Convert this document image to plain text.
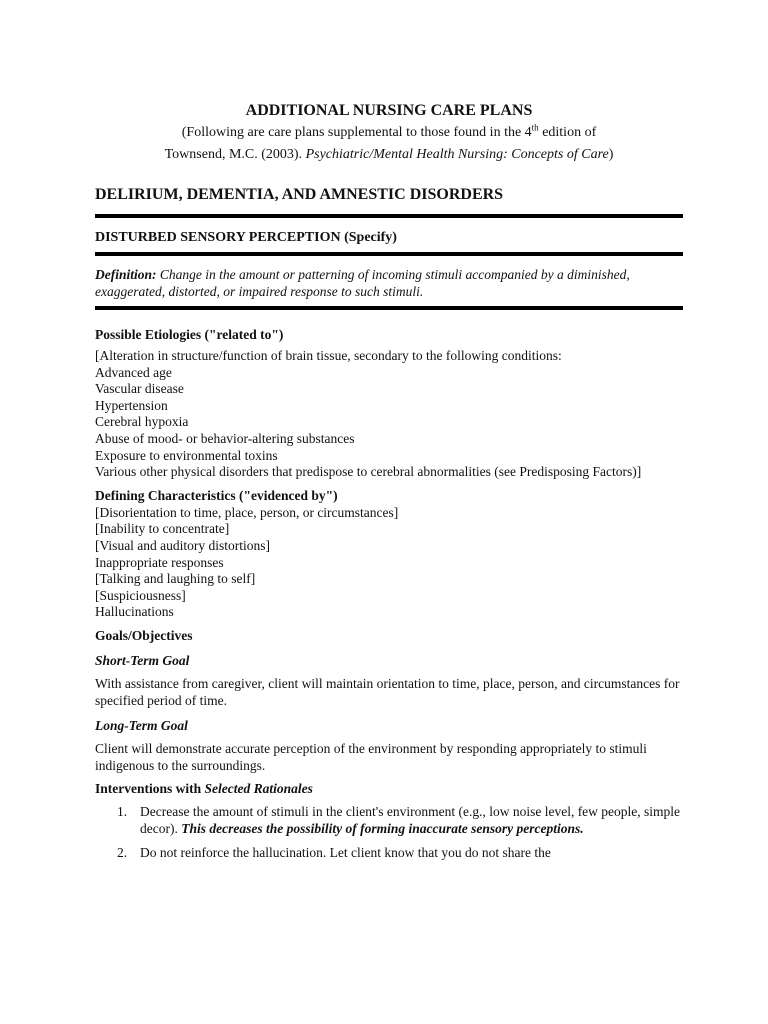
ADDITIONAL NURSING CARE PLANS
(Following are care plans supplemental to those found in the 4th edition of
Townsend, M.C. (2003). Psychiatric/Mental Health Nursing: Concepts of Care)
DELIRIUM, DEMENTIA, AND AMNESTIC DISORDERS
DISTURBED SENSORY PERCEPTION (Specify)
Definition: Change in the amount or patterning of incoming stimuli accompanied by a diminished, exaggerated, distorted, or impaired response to such stimuli.
Possible Etiologies ("related to")
[Alteration in structure/function of brain tissue, secondary to the following conditions:
Advanced age
Vascular disease
Hypertension
Cerebral hypoxia
Abuse of mood- or behavior-altering substances
Exposure to environmental toxins
Various other physical disorders that predispose to cerebral abnormalities (see Predisposing Factors)]
Defining Characteristics ("evidenced by")
[Disorientation to time, place, person, or circumstances]
[Inability to concentrate]
[Visual and auditory distortions]
Inappropriate responses
[Talking and laughing to self]
[Suspiciousness]
Hallucinations
Goals/Objectives
Short-Term Goal
With assistance from caregiver, client will maintain orientation to time, place, person, and circumstances for specified period of time.
Long-Term Goal
Client will demonstrate accurate perception of the environment by responding appropriately to stimuli indigenous to the surroundings.
Interventions with Selected Rationales
1. Decrease the amount of stimuli in the client's environment (e.g., low noise level, few people, simple decor). This decreases the possibility of forming inaccurate sensory perceptions.
2. Do not reinforce the hallucination. Let client know that you do not share the
